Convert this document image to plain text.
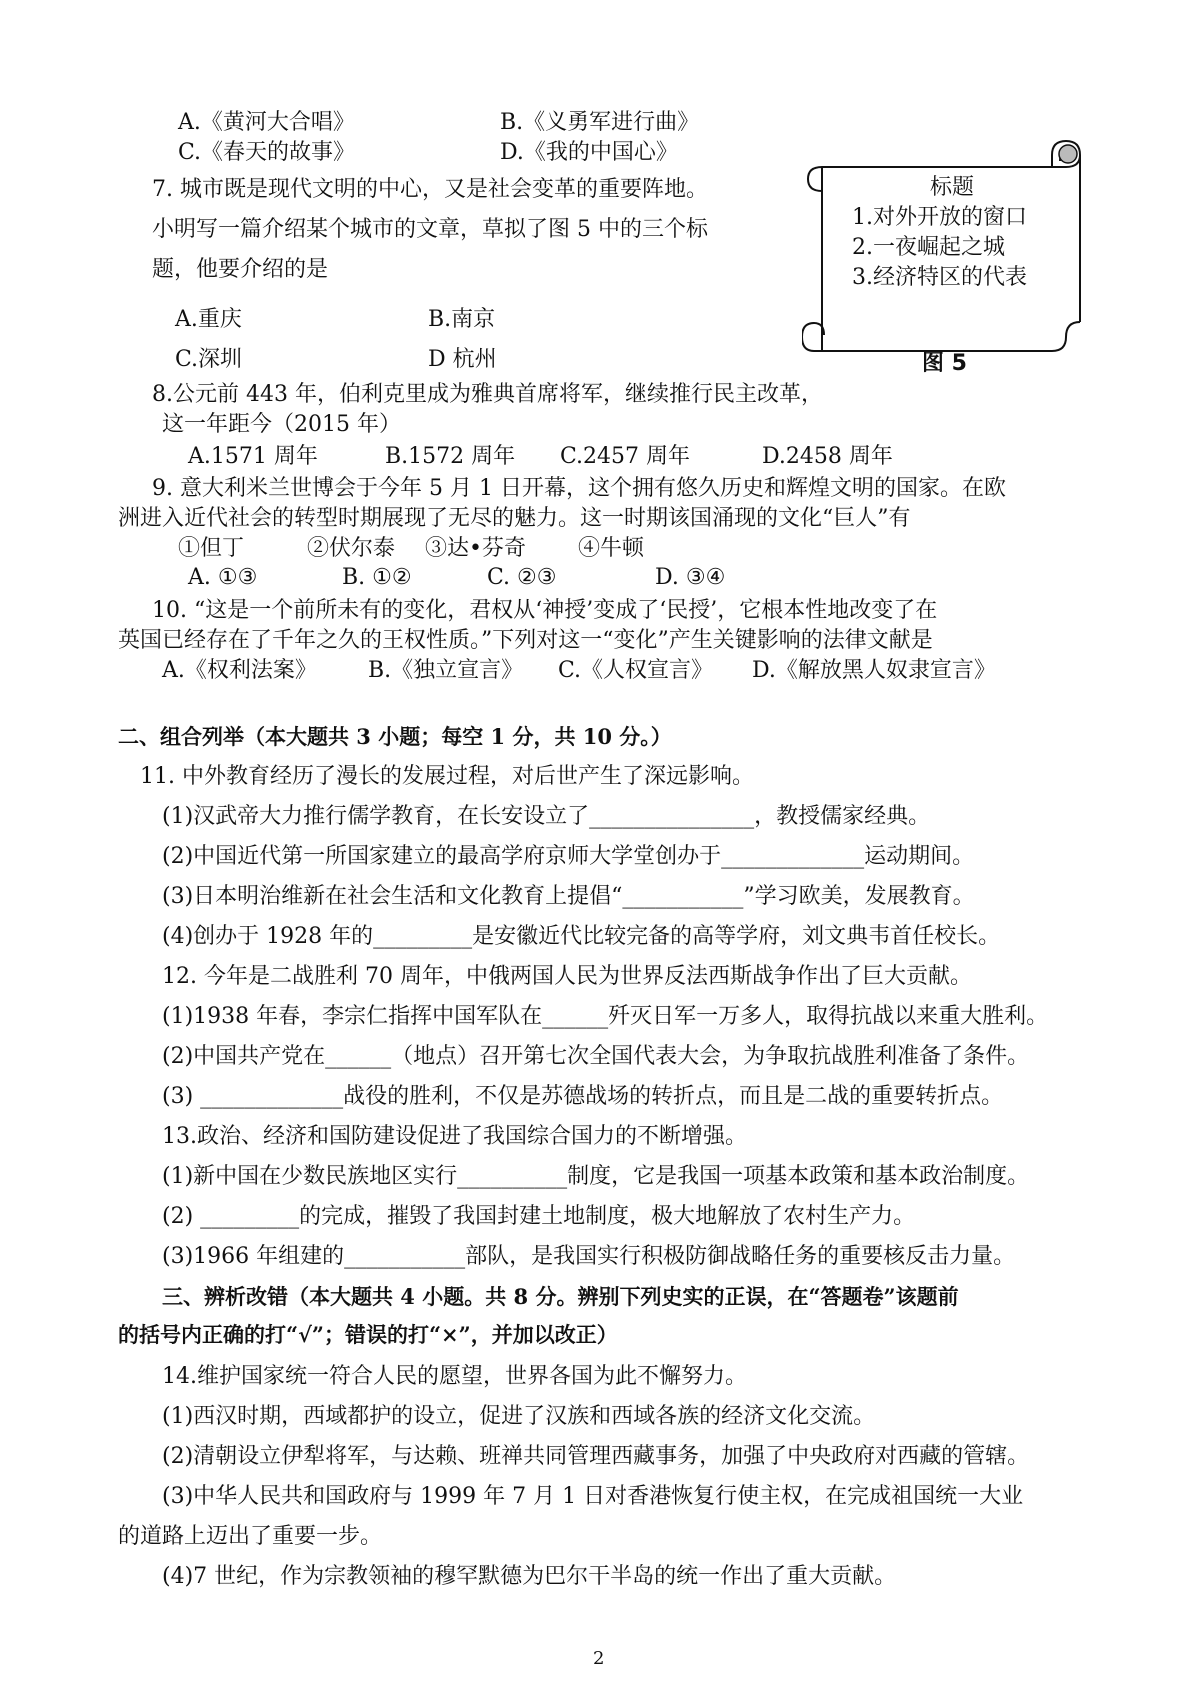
A.《黄河大合唱》	B.《义勇军进行曲》
C.《春天的故事》	D.《我的中国心》
7. 城市既是现代文明的中心，又是社会变革的重要阵地。
小明写一篇介绍某个城市的文章，草拟了图 5 中的三个标
题，他要介绍的是
A.重庆	B.南京
C.深圳	D 杭州
标题
1.对外开放的窗口
2.一夜崛起之城
3.经济特区的代表
图 5
8.公元前 443 年，伯利克里成为雅典首席将军，继续推行民主改革，
这一年距今（2015 年）
A.1571 周年	B.1572 周年 C.2457 周年	D.2458 周年
9. 意大利米兰世博会于今年 5 月 1 日开幕，这个拥有悠久历史和辉煌文明的国家。在欧
洲进入近代社会的转型时期展现了无尽的魅力。这一时期该国涌现的文化“巨人”有
①但丁	②伏尔泰 ③达•芬奇 ④牛顿
A. ①③	B. ①②	C. ②③	D. ③④
10. “这是一个前所未有的变化，君权从‘神授’变成了‘民授’，它根本性地改变了在
英国已经存在了千年之久的王权性质。”下列对这一“变化”产生关键影响的法律文献是
A.《权利法案》 B.《独立宣言》 C.《人权宣言》 D.《解放黑人奴隶宣言》
二、组合列举（本大题共 3 小题；每空 1 分，共 10 分。）
11. 中外教育经历了漫长的发展过程，对后世产生了深远影响。
(1)汉武帝大力推行儒学教育，在长安设立了_______________，教授儒家经典。
(2)中国近代第一所国家建立的最高学府京师大学堂创办于_____________运动期间。
(3)日本明治维新在社会生活和文化教育上提倡“___________”学习欧美，发展教育。
(4)创办于 1928 年的_________是安徽近代比较完备的高等学府，刘文典韦首任校长。
12. 今年是二战胜利 70 周年，中俄两国人民为世界反法西斯战争作出了巨大贡献。
(1)1938 年春，李宗仁指挥中国军队在______歼灭日军一万多人，取得抗战以来重大胜利。
(2)中国共产党在______（地点）召开第七次全国代表大会，为争取抗战胜利准备了条件。
(3) _____________战役的胜利，不仅是苏德战场的转折点，而且是二战的重要转折点。
13.政治、经济和国防建设促进了我国综合国力的不断增强。
(1)新中国在少数民族地区实行__________制度，它是我国一项基本政策和基本政治制度。
(2) _________的完成，摧毁了我国封建土地制度，极大地解放了农村生产力。
(3)1966 年组建的___________部队，是我国实行积极防御战略任务的重要核反击力量。
三、辨析改错（本大题共 4 小题。共 8 分。辨别下列史实的正误，在“答题卷”该题前
的括号内正确的打“√”；错误的打“×”，并加以改正）
14.维护国家统一符合人民的愿望，世界各国为此不懈努力。
(1)西汉时期，西域都护的设立，促进了汉族和西域各族的经济文化交流。
(2)清朝设立伊犁将军，与达赖、班禅共同管理西藏事务，加强了中央政府对西藏的管辖。
(3)中华人民共和国政府与 1999 年 7 月 1 日对香港恢复行使主权，在完成祖国统一大业
的道路上迈出了重要一步。
(4)7 世纪，作为宗教领袖的穆罕默德为巴尔干半岛的统一作出了重大贡献。
2
